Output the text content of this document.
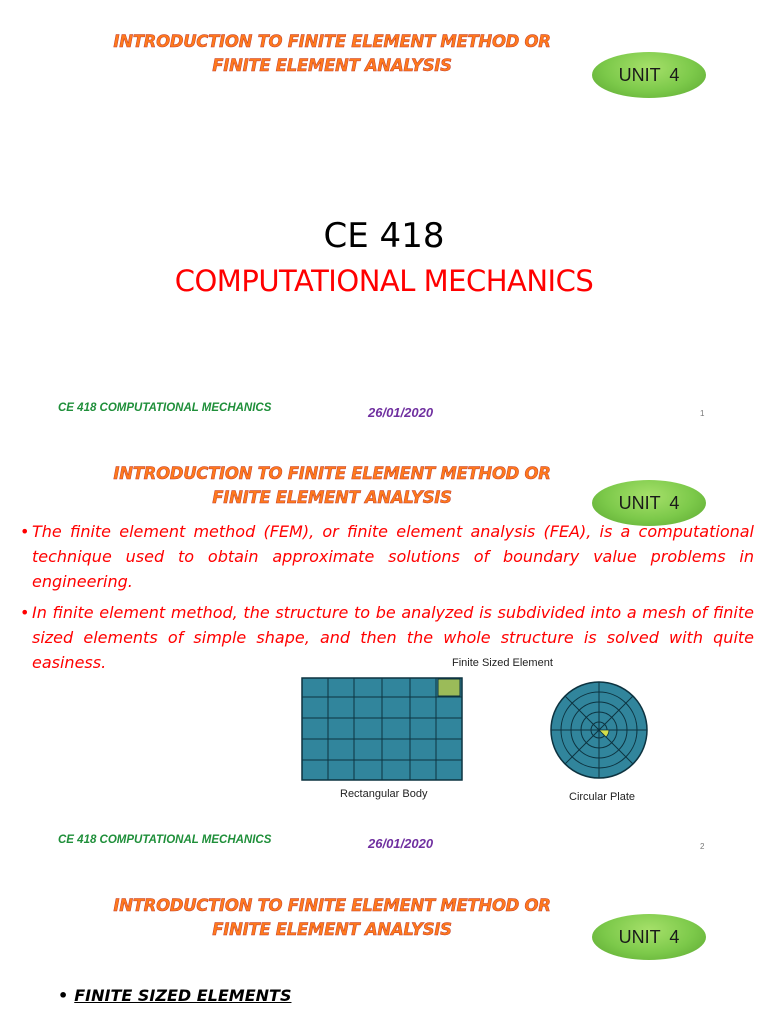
INTRODUCTION TO FINITE ELEMENT METHOD OR
FINITE ELEMENT ANALYSIS	UNIT 4
CE 418
COMPUTATIONAL MECHANICS
CE 418 COMPUTATIONAL MECHANICS	26/01/2020	1
INTRODUCTION TO FINITE ELEMENT METHOD OR
FINITE ELEMENT ANALYSIS	UNIT 4
• The finite element method (FEM), or finite element analysis (FEA), is a computational technique used to obtain approximate solutions of boundary value problems in engineering.
• In finite element method, the structure to be analyzed is subdivided into a mesh of finite sized elements of simple shape, and then the whole structure is solved with quite easiness.	Finite Sized Element
Rectangular Body	Circular Plate
CE 418 COMPUTATIONAL MECHANICS	26/01/2020	2
INTRODUCTION TO FINITE ELEMENT METHOD OR
FINITE ELEMENT ANALYSIS	UNIT 4
• FINITE SIZED ELEMENTS
